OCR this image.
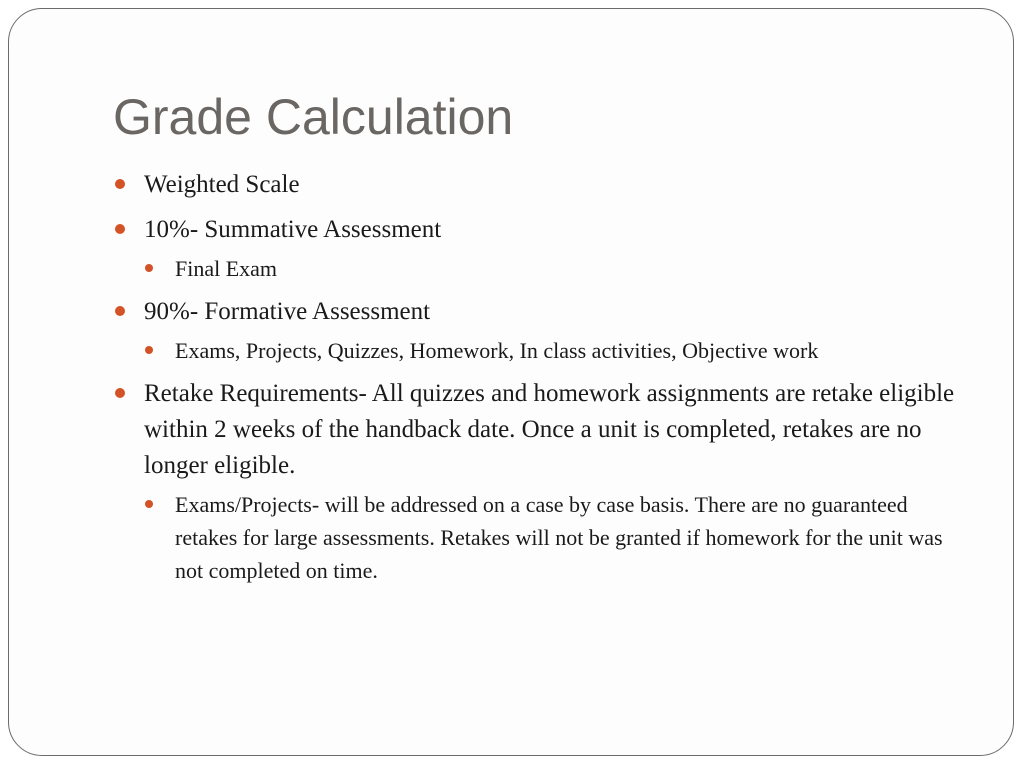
Grade Calculation
Weighted Scale
10%- Summative Assessment
Final Exam
90%- Formative Assessment
Exams, Projects, Quizzes, Homework, In class activities, Objective work
Retake Requirements- All quizzes and homework assignments are retake eligible within 2 weeks of the handback date. Once a unit is completed, retakes are no longer eligible.
Exams/Projects- will be addressed on a case by case basis. There are no guaranteed retakes for large assessments. Retakes will not be granted if homework for the unit was not completed on time.
